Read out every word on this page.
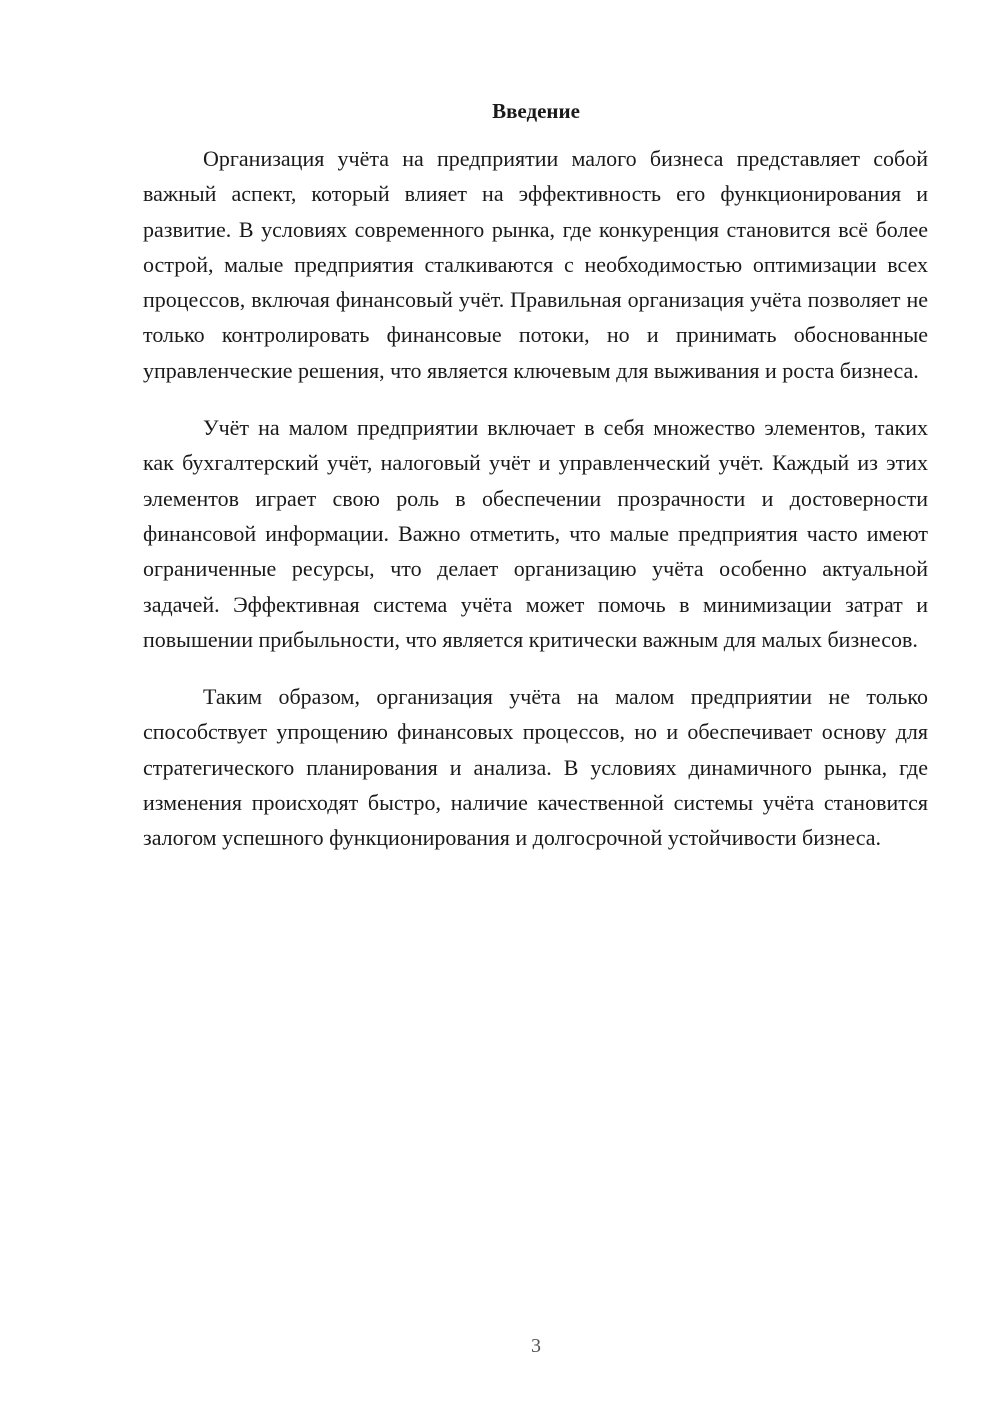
Введение

Организация учёта на предприятии малого бизнеса представляет собой важный аспект, который влияет на эффективность его функционирования и развитие. В условиях современного рынка, где конкуренция становится всё более острой, малые предприятия сталкиваются с необходимостью оптимизации всех процессов, включая финансовый учёт. Правильная организация учёта позволяет не только контролировать финансовые потоки, но и принимать обоснованные управленческие решения, что является ключевым для выживания и роста бизнеса.

Учёт на малом предприятии включает в себя множество элементов, таких как бухгалтерский учёт, налоговый учёт и управленческий учёт. Каждый из этих элементов играет свою роль в обеспечении прозрачности и достоверности финансовой информации. Важно отметить, что малые предприятия часто имеют ограниченные ресурсы, что делает организацию учёта особенно актуальной задачей. Эффективная система учёта может помочь в минимизации затрат и повышении прибыльности, что является критически важным для малых бизнесов.

Таким образом, организация учёта на малом предприятии не только способствует упрощению финансовых процессов, но и обеспечивает основу для стратегического планирования и анализа. В условиях динамичного рынка, где изменения происходят быстро, наличие качественной системы учёта становится залогом успешного функционирования и долгосрочной устойчивости бизнеса.

3
